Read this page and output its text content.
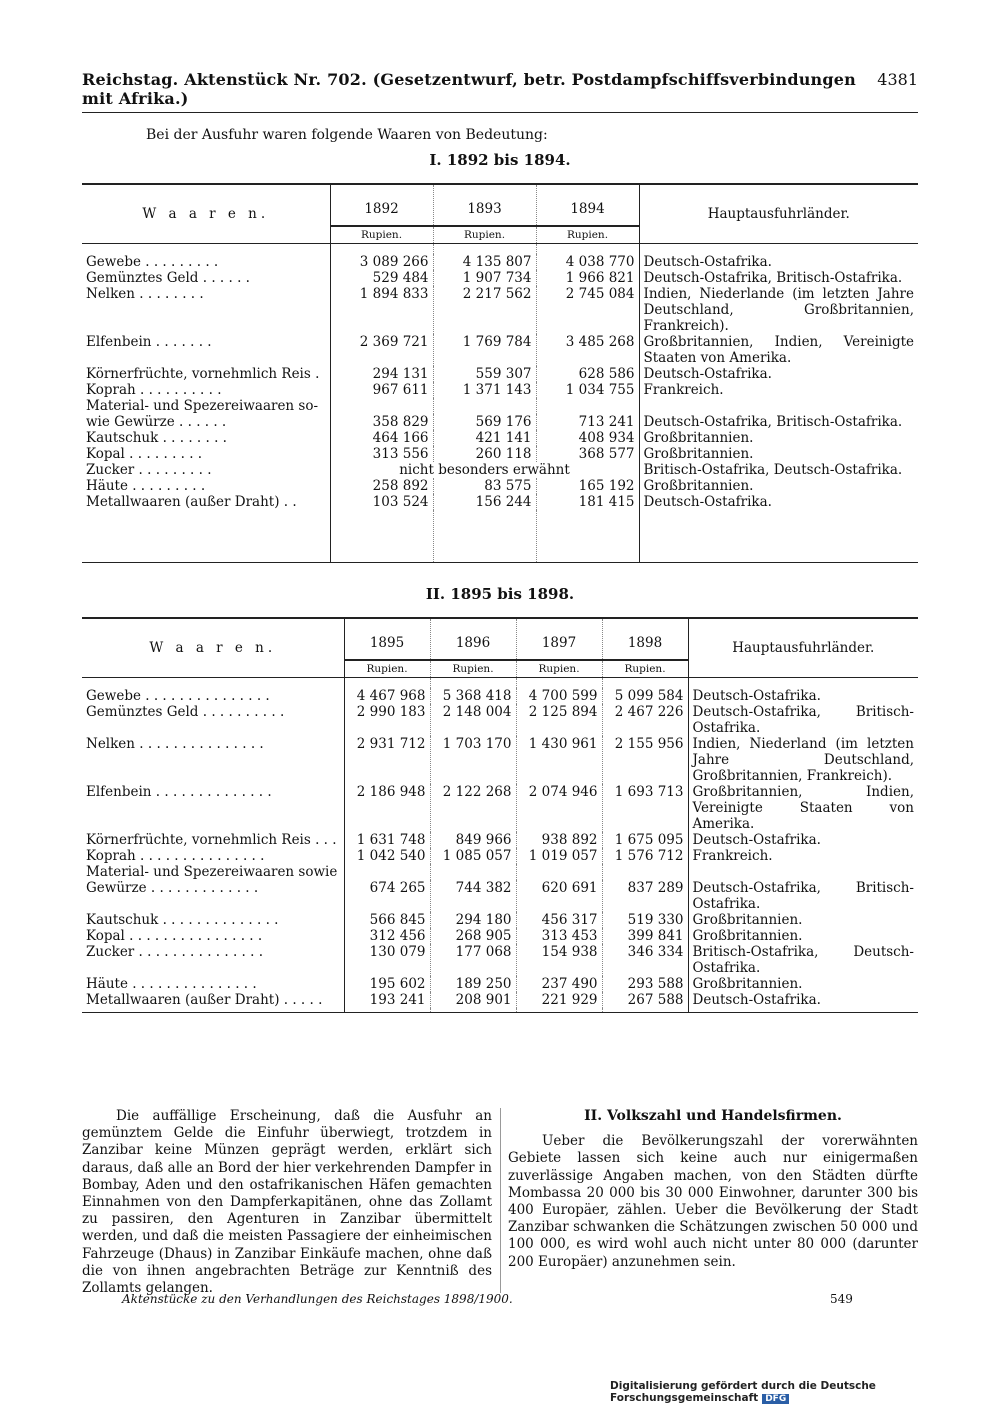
Reichstag. Aktenstück Nr. 702. (Gesetzentwurf, betr. Postdampfschiffsverbindungen mit Afrika.)
4381
Bei der Ausfuhr waren folgende Waaren von Bedeutung:
I. 1892 bis 1894.
W a a r e n.	1892	1893	1894	Hauptausfuhrländer.
	Rupien.	Rupien.	Rupien.	

Gewebe . . . . . . . . .	3 089 266	4 135 807	4 038 770	Deutsch-Ostafrika.
Gemünztes Geld . . . . . .	529 484	1 907 734	1 966 821	Deutsch-Ostafrika, Britisch-Ostafrika.
Nelken . . . . . . . .	1 894 833	2 217 562	2 745 084	Indien, Niederlande (im letzten Jahre Deutschland, Großbritannien, Frankreich).
Elfenbein . . . . . . .	2 369 721	1 769 784	3 485 268	Großbritannien, Indien, Vereinigte Staaten von Amerika.
Körnerfrüchte, vornehmlich Reis .	294 131	559 307	628 586	Deutsch-Ostafrika.
Koprah . . . . . . . . . .	967 611	1 371 143	1 034 755	Frankreich.
Material- und Spezereiwaaren so-				
wie Gewürze . . . . . .	358 829	569 176	713 241	Deutsch-Ostafrika, Britisch-Ostafrika.
Kautschuk . . . . . . . .	464 166	421 141	408 934	Großbritannien.
Kopal . . . . . . . . .	313 556	260 118	368 577	Großbritannien.
Zucker . . . . . . . . .	nicht besonders erwähnt			Britisch-Ostafrika, Deutsch-Ostafrika.
Häute . . . . . . . . .	258 892	83 575	165 192	Großbritannien.
Metallwaaren (außer Draht) . .	103 524	156 244	181 415	Deutsch-Ostafrika.

II. 1895 bis 1898.
W a a r e n.	1895	1896	1897	1898	Hauptausfuhrländer.
	Rupien.	Rupien.	Rupien.	Rupien.	

Gewebe . . . . . . . . . . . . . . .	4 467 968	5 368 418	4 700 599	5 099 584	Deutsch-Ostafrika.
Gemünztes Geld . . . . . . . . . .	2 990 183	2 148 004	2 125 894	2 467 226	Deutsch-Ostafrika, Britisch-Ostafrika.
Nelken . . . . . . . . . . . . . . .	2 931 712	1 703 170	1 430 961	2 155 956	Indien, Niederland (im letzten Jahre Deutschland, Großbritannien, Frankreich).
Elfenbein . . . . . . . . . . . . . .	2 186 948	2 122 268	2 074 946	1 693 713	Großbritannien, Indien, Vereinigte Staaten von Amerika.
Körnerfrüchte, vornehmlich Reis . . .	1 631 748	849 966	938 892	1 675 095	Deutsch-Ostafrika.
Koprah . . . . . . . . . . . . . . .	1 042 540	1 085 057	1 019 057	1 576 712	Frankreich.
Material- und Spezereiwaaren sowie					
Gewürze . . . . . . . . . . . . .	674 265	744 382	620 691	837 289	Deutsch-Ostafrika, Britisch-Ostafrika.
Kautschuk . . . . . . . . . . . . . .	566 845	294 180	456 317	519 330	Großbritannien.
Kopal . . . . . . . . . . . . . . . .	312 456	268 905	313 453	399 841	Großbritannien.
Zucker . . . . . . . . . . . . . . .	130 079	177 068	154 938	346 334	Britisch-Ostafrika, Deutsch-Ostafrika.
Häute . . . . . . . . . . . . . . .	195 602	189 250	237 490	293 588	Großbritannien.
Metallwaaren (außer Draht) . . . . .	193 241	208 901	221 929	267 588	Deutsch-Ostafrika.

Die auffällige Erscheinung, daß die Ausfuhr an gemünztem Gelde die Einfuhr überwiegt, trotzdem in Zanzibar keine Münzen geprägt werden, erklärt sich daraus, daß alle an Bord der hier verkehrenden Dampfer in Bombay, Aden und den ostafrikanischen Häfen gemachten Einnahmen von den Dampferkapitänen, ohne das Zollamt zu passiren, den Agenturen in Zanzibar übermittelt werden, und daß die meisten Passagiere der einheimischen Fahrzeuge (Dhaus) in Zanzibar Einkäufe machen, ohne daß die von ihnen angebrachten Beträge zur Kenntniß des Zollamts gelangen.

II. Volkszahl und Handelsfirmen.

Ueber die Bevölkerungszahl der vorerwähnten Gebiete lassen sich keine auch nur einigermaßen zuverlässige Angaben machen, von den Städten dürfte Mombassa 20 000 bis 30 000 Einwohner, darunter 300 bis 400 Europäer, zählen. Ueber die Bevölkerung der Stadt Zanzibar schwanken die Schätzungen zwischen 50 000 und 100 000, es wird wohl auch nicht unter 80 000 (darunter 200 Europäer) anzunehmen sein.

Aktenstücke zu den Verhandlungen des Reichstages 1898/1900.	549
Digitalisierung gefördert durch die Deutsche Forschungsgemeinschaft DFG
